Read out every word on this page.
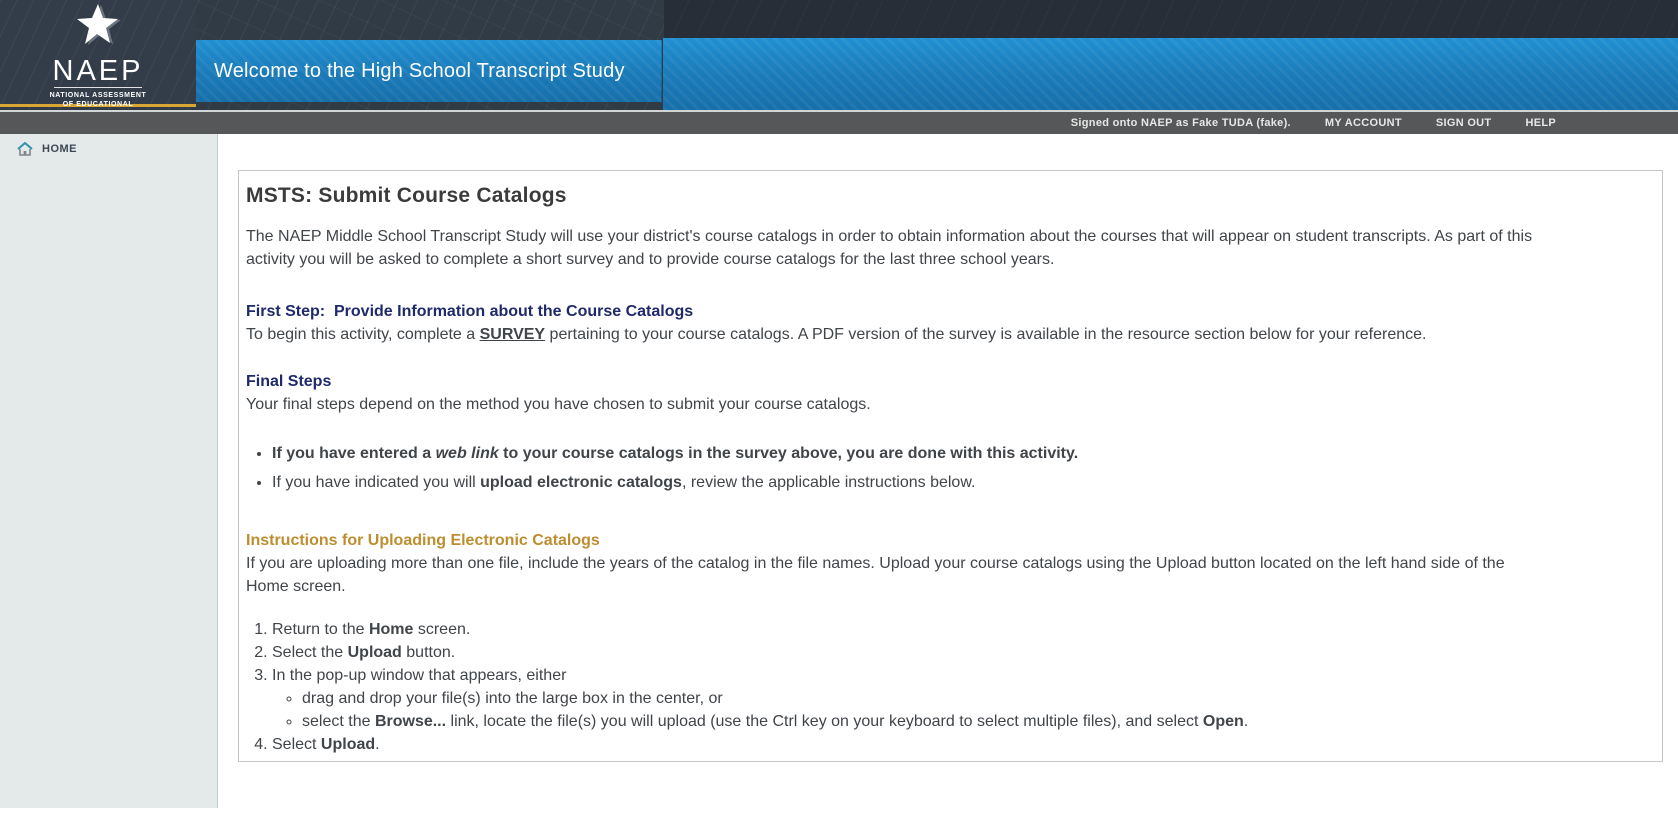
NAEP
NATIONAL ASSESSMENT
OF EDUCATIONAL
Welcome to the High School Transcript Study
Signed onto NAEP as Fake TUDA (fake).	MY ACCOUNT	SIGN OUT	HELP
HOME
MSTS: Submit Course Catalogs

The NAEP Middle School Transcript Study will use your district's course catalogs in order to obtain information about the courses that will appear on student transcripts. As part of this activity you will be asked to complete a short survey and to provide course catalogs for the last three school years.

First Step:  Provide Information about the Course Catalogs

To begin this activity, complete a SURVEY pertaining to your course catalogs. A PDF version of the survey is available in the resource section below for your reference.

Final Steps

Your final steps depend on the method you have chosen to submit your course catalogs.

• If you have entered a web link to your course catalogs in the survey above, you are done with this activity.
• If you have indicated you will upload electronic catalogs, review the applicable instructions below.

Instructions for Uploading Electronic Catalogs

If you are uploading more than one file, include the years of the catalog in the file names. Upload your course catalogs using the Upload button located on the left hand side of the Home screen.

1. Return to the Home screen.
2. Select the Upload button.
3. In the pop-up window that appears, either
◦ drag and drop your file(s) into the large box in the center, or
◦ select the Browse... link, locate the file(s) you will upload (use the Ctrl key on your keyboard to select multiple files), and select Open.
4. Select Upload.
